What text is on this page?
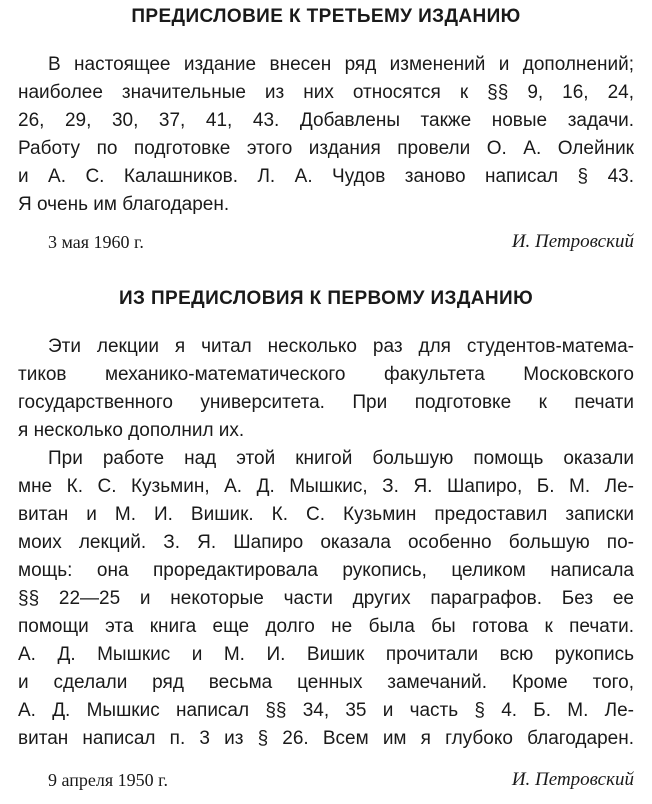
ПРЕДИСЛОВИЕ К ТРЕТЬЕМУ ИЗДАНИЮ
В настоящее издание внесен ряд изменений и дополнений;
наиболее значительные из них относятся к §§ 9, 16, 24,
26, 29, 30, 37, 41, 43. Добавлены также новые задачи.
Работу по подготовке этого издания провели О. А. Олейник
и А. С. Калашников. Л. А. Чудов заново написал § 43.
Я очень им благодарен.
3 мая 1960 г.	И. Петровский
ИЗ ПРЕДИСЛОВИЯ К ПЕРВОМУ ИЗДАНИЮ
Эти лекции я читал несколько раз для студентов-матема-
тиков механико-математического факультета Московского
государственного университета. При подготовке к печати
я несколько дополнил их.
При работе над этой книгой большую помощь оказали
мне К. С. Кузьмин, А. Д. Мышкис, З. Я. Шапиро, Б. М. Ле-
витан и М. И. Вишик. К. С. Кузьмин предоставил записки
моих лекций. З. Я. Шапиро оказала особенно большую по-
мощь: она проредактировала рукопись, целиком написала
§§ 22—25 и некоторые части других параграфов. Без ее
помощи эта книга еще долго не была бы готова к печати.
А. Д. Мышкис и М. И. Вишик прочитали всю рукопись
и сделали ряд весьма ценных замечаний. Кроме того,
А. Д. Мышкис написал §§ 34, 35 и часть § 4. Б. М. Ле-
витан написал п. 3 из § 26. Всем им я глубоко благодарен.
9 апреля 1950 г.	И. Петровский
